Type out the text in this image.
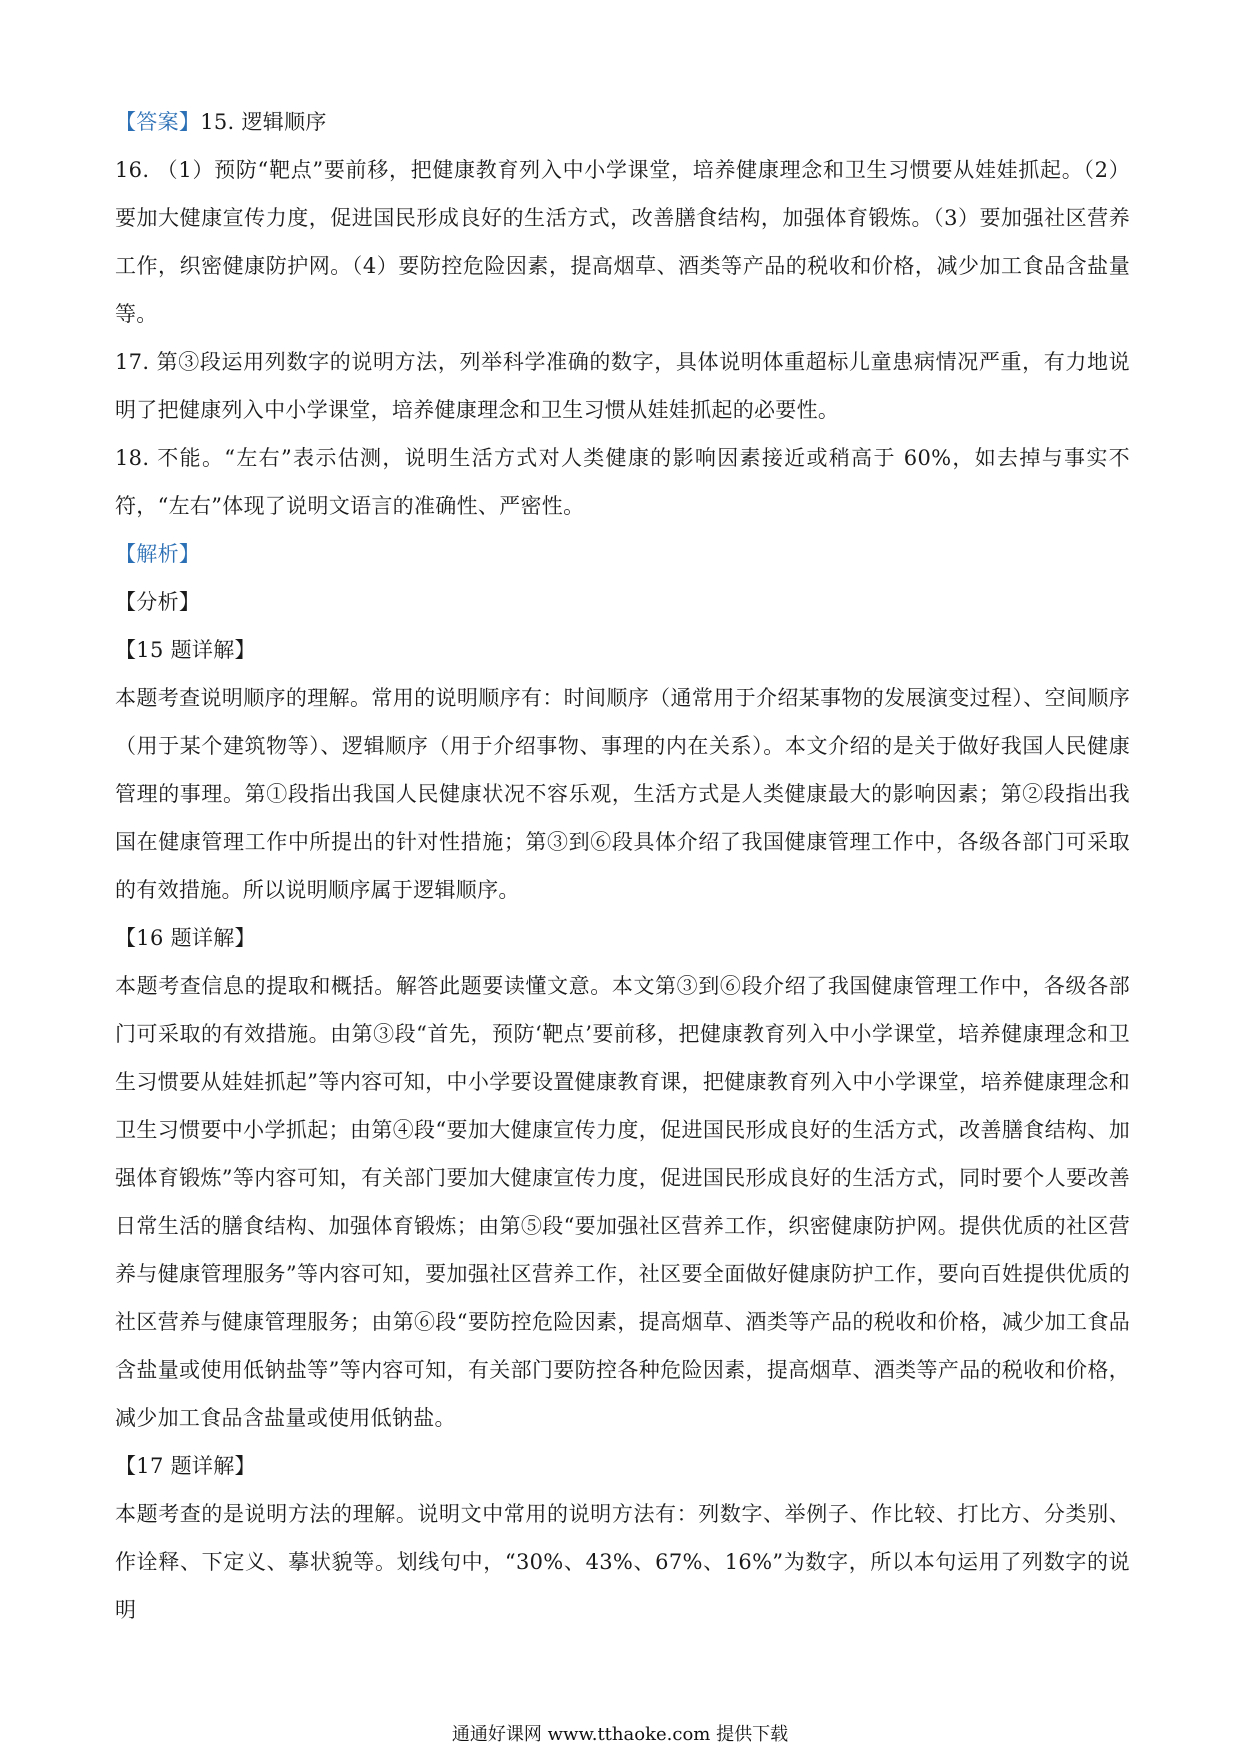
【答案】15. 逻辑顺序

16. （1）预防“靶点”要前移，把健康教育列入中小学课堂，培养健康理念和卫生习惯要从娃娃抓起。（2）要加大健康宣传力度，促进国民形成良好的生活方式，改善膳食结构，加强体育锻炼。（3）要加强社区营养工作，织密健康防护网。（4）要防控危险因素，提高烟草、酒类等产品的税收和价格，减少加工食品含盐量等。

17. 第③段运用列数字的说明方法，列举科学准确的数字，具体说明体重超标儿童患病情况严重，有力地说明了把健康列入中小学课堂，培养健康理念和卫生习惯从娃娃抓起的必要性。

18. 不能。“左右”表示估测，说明生活方式对人类健康的影响因素接近或稍高于 60%，如去掉与事实不符，“左右”体现了说明文语言的准确性、严密性。

【解析】

【分析】

【15 题详解】

本题考查说明顺序的理解。常用的说明顺序有：时间顺序（通常用于介绍某事物的发展演变过程）、空间顺序（用于某个建筑物等）、逻辑顺序（用于介绍事物、事理的内在关系）。本文介绍的是关于做好我国人民健康管理的事理。第①段指出我国人民健康状况不容乐观，生活方式是人类健康最大的影响因素；第②段指出我国在健康管理工作中所提出的针对性措施；第③到⑥段具体介绍了我国健康管理工作中，各级各部门可采取的有效措施。所以说明顺序属于逻辑顺序。

【16 题详解】

本题考查信息的提取和概括。解答此题要读懂文意。本文第③到⑥段介绍了我国健康管理工作中，各级各部门可采取的有效措施。由第③段“首先，预防‘靶点’要前移，把健康教育列入中小学课堂，培养健康理念和卫生习惯要从娃娃抓起”等内容可知，中小学要设置健康教育课，把健康教育列入中小学课堂，培养健康理念和卫生习惯要中小学抓起；由第④段“要加大健康宣传力度，促进国民形成良好的生活方式，改善膳食结构、加强体育锻炼”等内容可知，有关部门要加大健康宣传力度，促进国民形成良好的生活方式，同时要个人要改善日常生活的膳食结构、加强体育锻炼；由第⑤段“要加强社区营养工作，织密健康防护网。提供优质的社区营养与健康管理服务”等内容可知，要加强社区营养工作，社区要全面做好健康防护工作，要向百姓提供优质的社区营养与健康管理服务；由第⑥段“要防控危险因素，提高烟草、酒类等产品的税收和价格，减少加工食品含盐量或使用低钠盐等”等内容可知，有关部门要防控各种危险因素，提高烟草、酒类等产品的税收和价格，减少加工食品含盐量或使用低钠盐。

【17 题详解】

本题考查的是说明方法的理解。说明文中常用的说明方法有：列数字、举例子、作比较、打比方、分类别、作诠释、下定义、摹状貌等。划线句中，“30%、43%、67%、16%”为数字，所以本句运用了列数字的说明

通通好课网 www.tthaoke.com 提供下载
